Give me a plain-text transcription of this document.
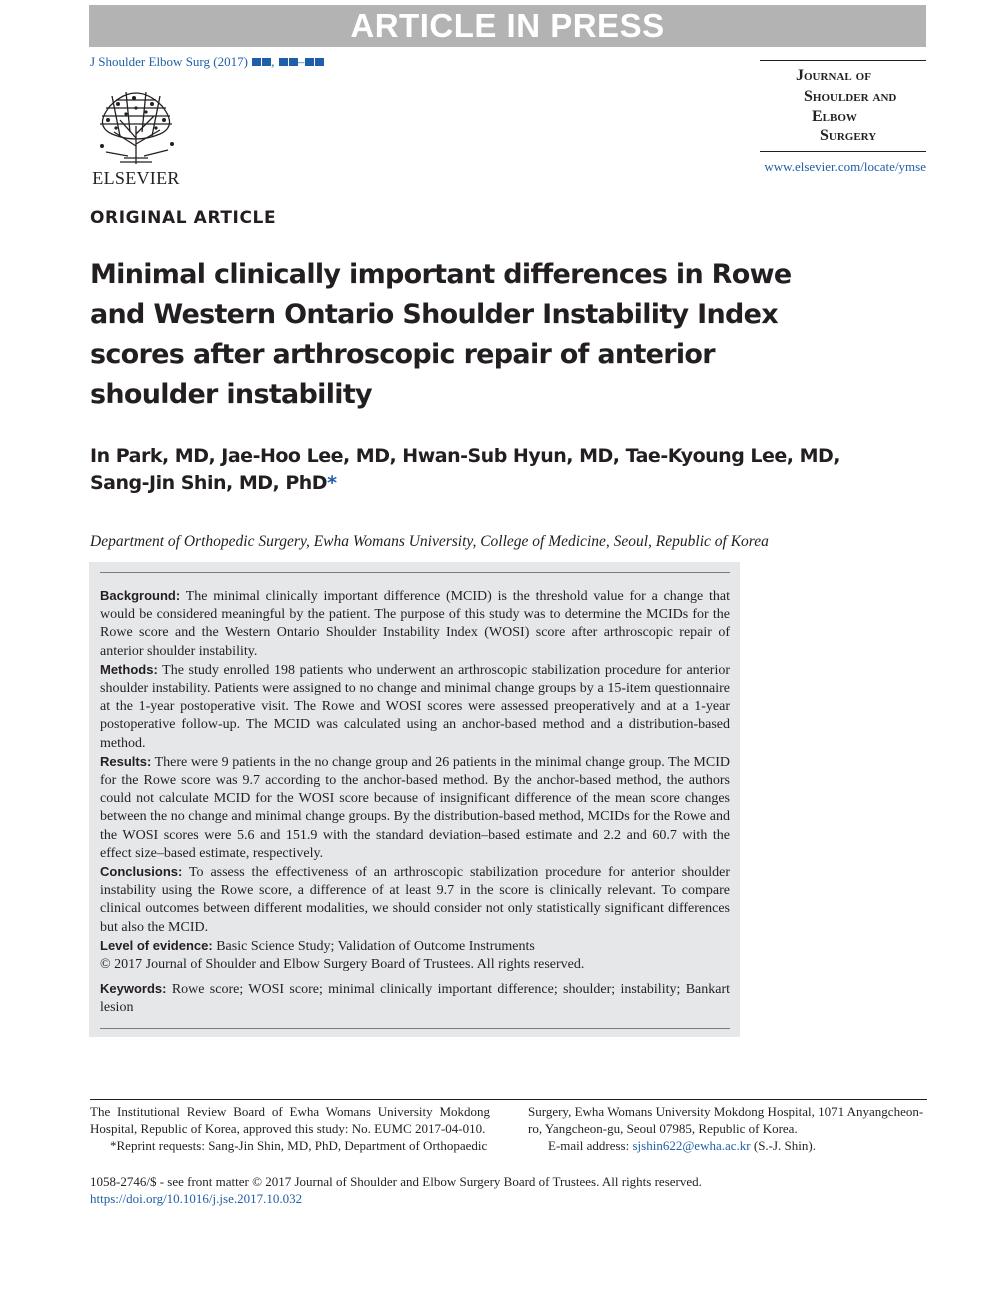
ARTICLE IN PRESS
J Shoulder Elbow Surg (2017) , –
ELSEVIER
Journal of
Shoulder and
Elbow
Surgery
www.elsevier.com/locate/ymse
ORIGINAL ARTICLE
Minimal clinically important differences in Rowe and Western Ontario Shoulder Instability Index scores after arthroscopic repair of anterior shoulder instability

In Park, MD, Jae-Hoo Lee, MD, Hwan-Sub Hyun, MD, Tae-Kyoung Lee, MD, Sang-Jin Shin, MD, PhD*

Department of Orthopedic Surgery, Ewha Womans University, College of Medicine, Seoul, Republic of Korea

Background: The minimal clinically important difference (MCID) is the threshold value for a change that would be considered meaningful by the patient. The purpose of this study was to determine the MCIDs for the Rowe score and the Western Ontario Shoulder Instability Index (WOSI) score after arthroscopic repair of anterior shoulder instability.

Methods: The study enrolled 198 patients who underwent an arthroscopic stabilization procedure for anterior shoulder instability. Patients were assigned to no change and minimal change groups by a 15-item questionnaire at the 1-year postoperative visit. The Rowe and WOSI scores were assessed preoperatively and at a 1-year postoperative follow-up. The MCID was calculated using an anchor-based method and a distribution-based method.

Results: There were 9 patients in the no change group and 26 patients in the minimal change group. The MCID for the Rowe score was 9.7 according to the anchor-based method. By the anchor-based method, the authors could not calculate MCID for the WOSI score because of insignificant difference of the mean score changes between the no change and minimal change groups. By the distribution-based method, MCIDs for the Rowe and the WOSI scores were 5.6 and 151.9 with the standard deviation–based estimate and 2.2 and 60.7 with the effect size–based estimate, respectively.

Conclusions: To assess the effectiveness of an arthroscopic stabilization procedure for anterior shoulder instability using the Rowe score, a difference of at least 9.7 in the score is clinically relevant. To compare clinical outcomes between different modalities, we should consider not only statistically significant differences but also the MCID.

Level of evidence: Basic Science Study; Validation of Outcome Instruments

© 2017 Journal of Shoulder and Elbow Surgery Board of Trustees. All rights reserved.

Keywords: Rowe score; WOSI score; minimal clinically important difference; shoulder; instability; Bankart lesion

The Institutional Review Board of Ewha Womans University Mokdong Hospital, Republic of Korea, approved this study: No. EUMC 2017-04-010.

*Reprint requests: Sang-Jin Shin, MD, PhD, Department of Orthopaedic

Surgery, Ewha Womans University Mokdong Hospital, 1071 Anyangcheon-ro, Yangcheon-gu, Seoul 07985, Republic of Korea.

E-mail address: sjshin622@ewha.ac.kr (S.-J. Shin).

1058-2746/$ - see front matter © 2017 Journal of Shoulder and Elbow Surgery Board of Trustees. All rights reserved.
https://doi.org/10.1016/j.jse.2017.10.032
